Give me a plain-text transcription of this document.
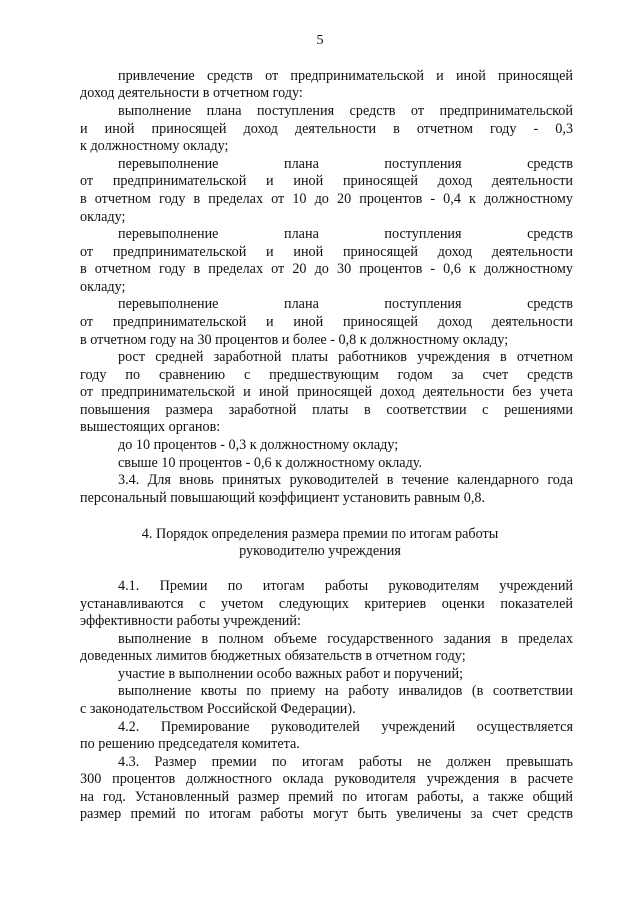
5
привлечение средств от предпринимательской и иной приносящей
доход деятельности в отчетном году:
выполнение плана поступления средств от предпринимательской
и иной приносящей доход деятельности в отчетном году - 0,3
к должностному окладу;
перевыполнение плана поступления средств
от предпринимательской и иной приносящей доход деятельности
в отчетном году в пределах от 10 до 20 процентов - 0,4 к должностному
окладу;
перевыполнение плана поступления средств
от предпринимательской и иной приносящей доход деятельности
в отчетном году в пределах от 20 до 30 процентов - 0,6 к должностному
окладу;
перевыполнение плана поступления средств
от предпринимательской и иной приносящей доход деятельности
в отчетном году на 30 процентов и более - 0,8 к должностному окладу;
рост средней заработной платы работников учреждения в отчетном
году по сравнению с предшествующим годом за счет средств
от предпринимательской и иной приносящей доход деятельности без учета
повышения размера заработной платы в соответствии с решениями
вышестоящих органов:
до 10 процентов - 0,3 к должностному окладу;
свыше 10 процентов - 0,6 к должностному окладу.
3.4. Для вновь принятых руководителей в течение календарного года
персональный повышающий коэффициент установить равным 0,8.
4. Порядок определения размера премии по итогам работы
руководителю учреждения
4.1. Премии по итогам работы руководителям учреждений
устанавливаются с учетом следующих критериев оценки показателей
эффективности работы учреждений:
выполнение в полном объеме государственного задания в пределах
доведенных лимитов бюджетных обязательств в отчетном году;
участие в выполнении особо важных работ и поручений;
выполнение квоты по приему на работу инвалидов (в соответствии
с законодательством Российской Федерации).
4.2. Премирование руководителей учреждений осуществляется
по решению председателя комитета.
4.3. Размер премии по итогам работы не должен превышать
300 процентов должностного оклада руководителя учреждения в расчете
на год. Установленный размер премий по итогам работы, а также общий
размер премий по итогам работы могут быть увеличены за счет средств
